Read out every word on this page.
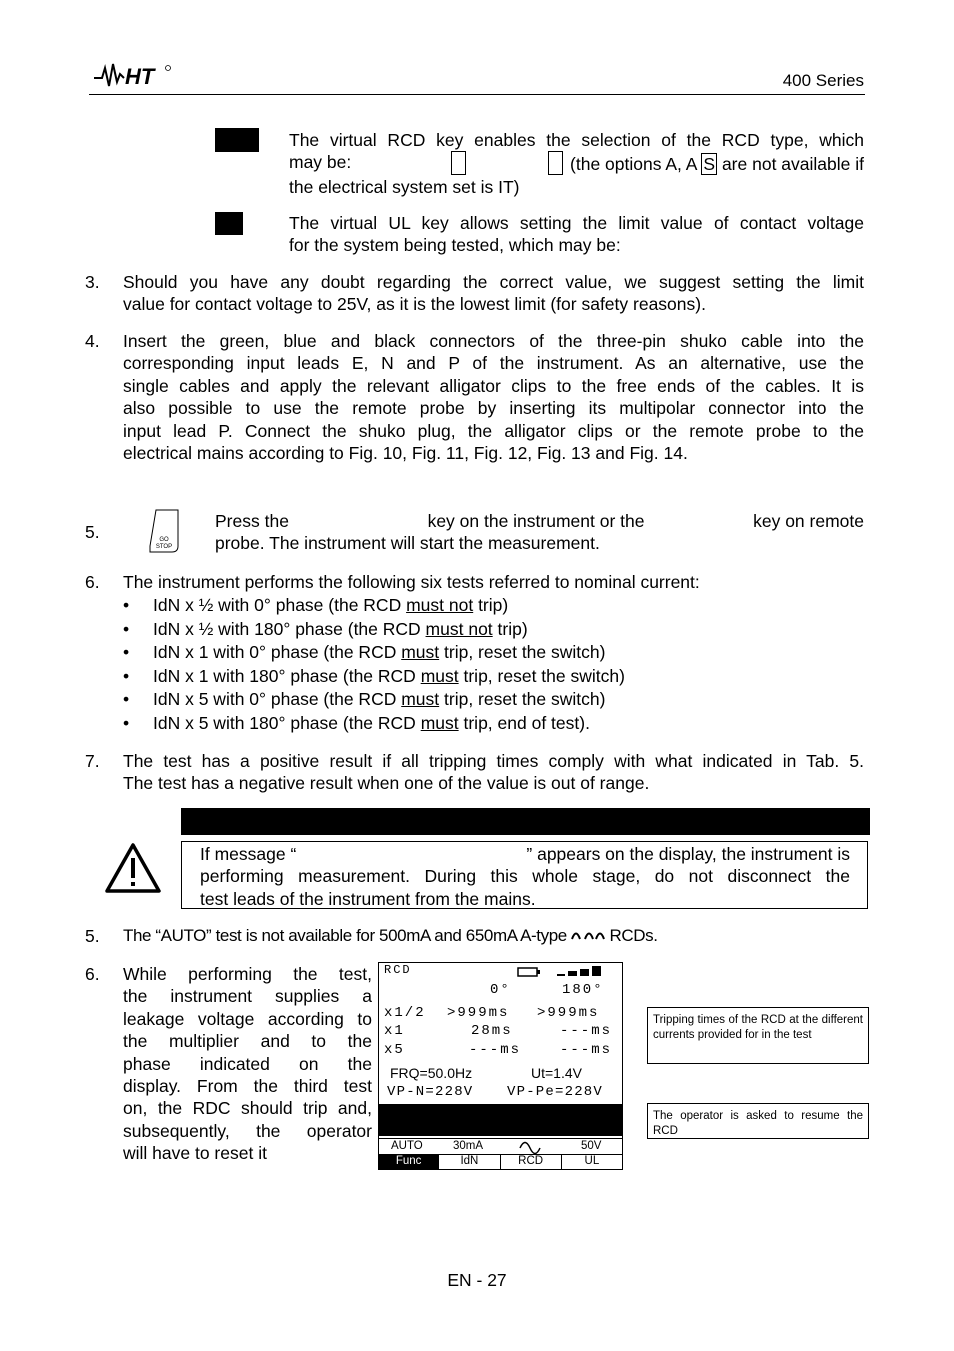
HT	400 Series
The virtual RCD key enables the selection of the RCD type, which
may be:	(the options A, A S are not available if
the electrical system set is IT)
The virtual UL key allows setting the limit value of contact voltage
for the system being tested, which may be:
3. Should you have any doubt regarding the correct value, we suggest setting the limit
value for contact voltage to 25V, as it is the lowest limit (for safety reasons).
4. Insert the green, blue and black connectors of the three-pin shuko cable into the
corresponding input leads E, N and P of the instrument. As an alternative, use the
single cables and apply the relevant alligator clips to the free ends of the cables. It is
also possible to use the remote probe by inserting its multipolar connector into the
input lead P. Connect the shuko plug, the alligator clips or the remote probe to the
electrical mains according to Fig. 10, Fig. 11, Fig. 12, Fig. 13 and Fig. 14.
5.	GO
STOP
Press the	key on the instrument or the	key on remote
probe. The instrument will start the measurement.
6. The instrument performs the following six tests referred to nominal current:
• IdN x ½ with 0° phase (the RCD must not trip)
• IdN x ½ with 180° phase (the RCD must not trip)
• IdN x 1 with 0° phase (the RCD must trip, reset the switch)
• IdN x 1 with 180° phase (the RCD must trip, reset the switch)
• IdN x 5 with 0° phase (the RCD must trip, reset the switch)
• IdN x 5 with 180° phase (the RCD must trip, end of test).
7. The test has a positive result if all tripping times comply with what indicated in Tab. 5.
The test has a negative result when one of the value is out of range.
If message “	” appears on the display, the instrument is
performing measurement. During this whole stage, do not disconnect the
test leads of the instrument from the mains.
5. The “AUTO” test is not available for 500mA and 650mA A-type	RCDs.
6. While performing the test,
the instrument supplies a
leakage voltage according to
the multiplier and to the
phase indicated on the
display. From the third test
on, the RDC should trip and,
subsequently, the operator
will have to reset it
RCD
0°	180°
x1/2 >999ms >999ms
x1	28ms	---ms
x5	---ms	---ms
FRQ=50.0Hz	Ut=1.4V
VP-N=228V VP-Pe=228V
AUTO	30mA	50V
Func	IdN	RCD	UL
Tripping times of the RCD at the different currents provided for in the test
The operator is asked to resume the RCD
EN - 27
